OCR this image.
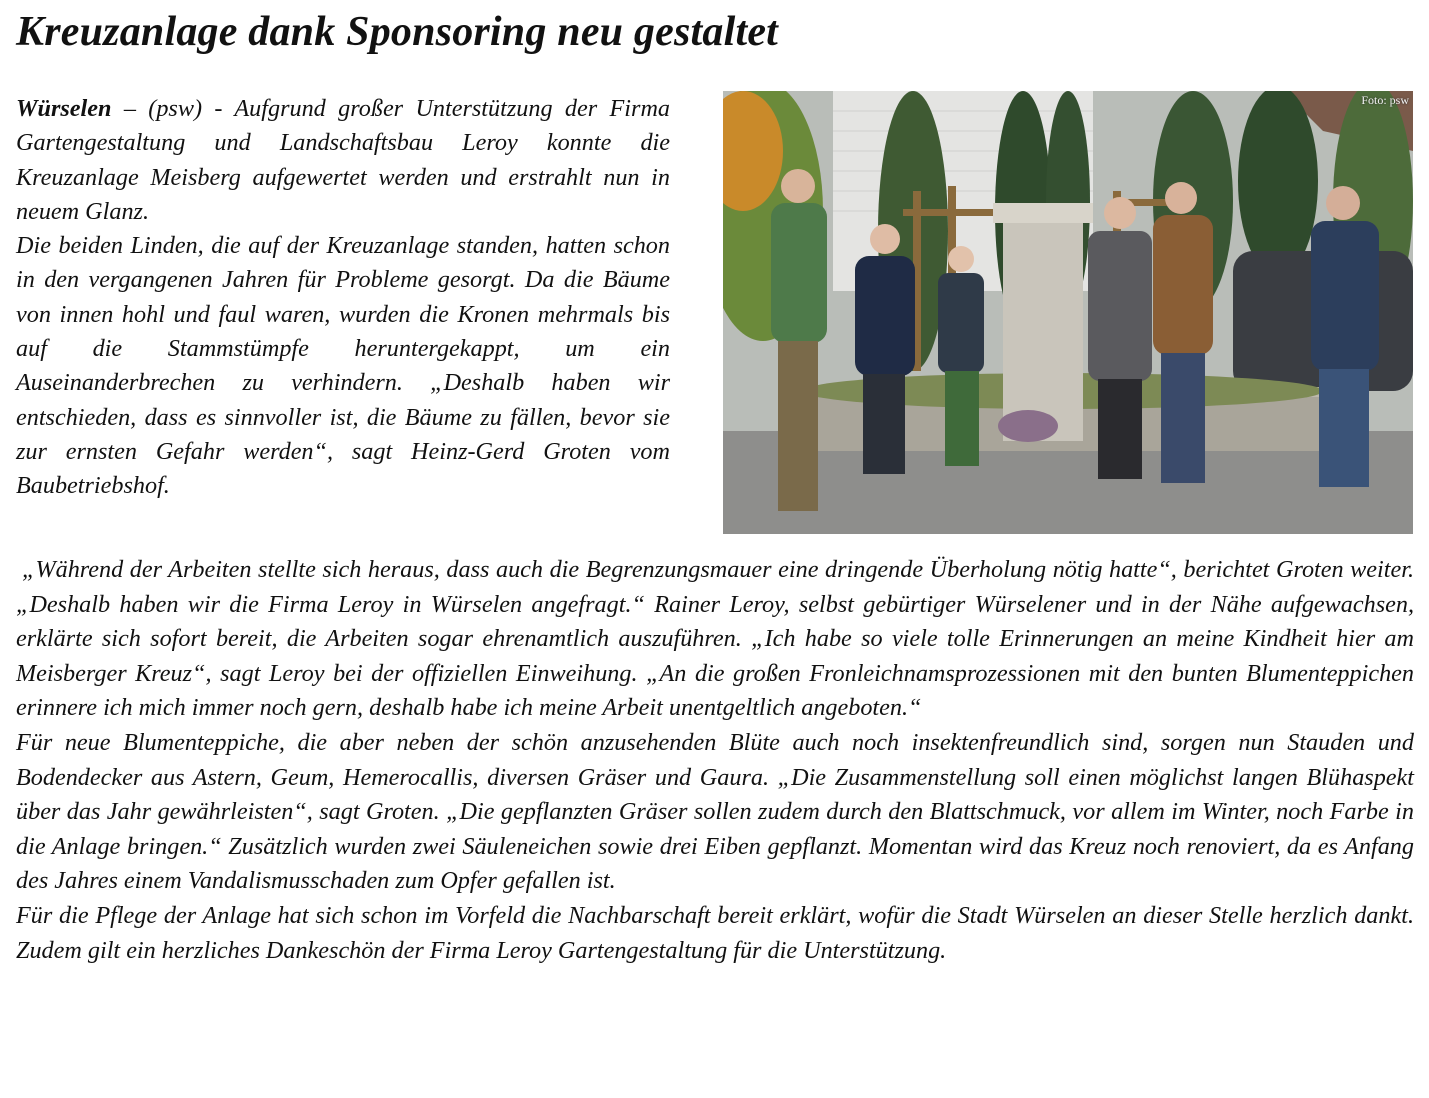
Kreuzanlage dank Sponsoring neu gestaltet
Foto: psw

Würselen – (psw) - Aufgrund großer Unterstützung der Firma Gartengestaltung und Landschaftsbau Leroy konnte die Kreuzanlage Meisberg aufgewertet werden und erstrahlt nun in neuem Glanz.

Die beiden Linden, die auf der Kreuzanlage standen, hatten schon in den vergangenen Jahren für Probleme gesorgt. Da die Bäume von innen hohl und faul waren, wurden die Kronen mehrmals bis auf die Stammstümpfe heruntergekappt, um ein Auseinanderbrechen zu verhindern. „Deshalb haben wir entschieden, dass es sinnvoller ist, die Bäume zu fällen, bevor sie zur ernsten Gefahr werden“, sagt Heinz-Gerd Groten vom Baubetriebshof.

„Während der Arbeiten stellte sich heraus, dass auch die Begrenzungsmauer eine dringende Überholung nötig hatte“, berichtet Groten weiter. „Deshalb haben wir die Firma Leroy in Würselen angefragt.“ Rainer Leroy, selbst gebürtiger Würselener und in der Nähe aufgewachsen, erklärte sich sofort bereit, die Arbeiten sogar ehrenamtlich auszuführen. „Ich habe so viele tolle Erinnerungen an meine Kindheit hier am Meisberger Kreuz“, sagt Leroy bei der offiziellen Einweihung. „An die großen Fronleichnamsprozessionen mit den bunten Blumenteppichen erinnere ich mich immer noch gern, deshalb habe ich meine Arbeit unentgeltlich angeboten.“

Für neue Blumenteppiche, die aber neben der schön anzusehenden Blüte auch noch insektenfreundlich sind, sorgen nun Stauden und Bodendecker aus Astern, Geum, Hemerocallis, diversen Gräser und Gaura. „Die Zusammenstellung soll einen möglichst langen Blühaspekt über das Jahr gewährleisten“, sagt Groten. „Die gepflanzten Gräser sollen zudem durch den Blattschmuck, vor allem im Winter, noch Farbe in die Anlage bringen.“ Zusätzlich wurden zwei Säuleneichen sowie drei Eiben gepflanzt. Momentan wird das Kreuz noch renoviert, da es Anfang des Jahres einem Vandalismusschaden zum Opfer gefallen ist.

Für die Pflege der Anlage hat sich schon im Vorfeld die Nachbarschaft bereit erklärt, wofür die Stadt Würselen an dieser Stelle herzlich dankt. Zudem gilt ein herzliches Dankeschön der Firma Leroy Gartengestaltung für die Unterstützung.
